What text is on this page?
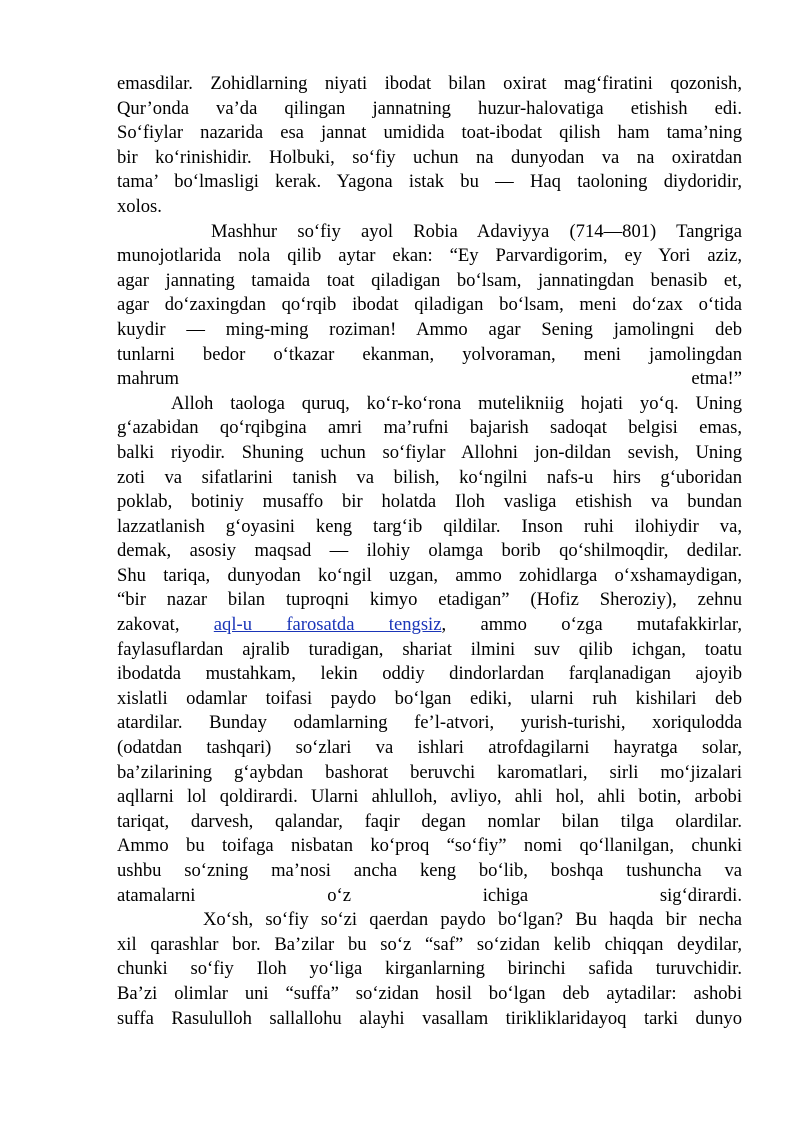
emasdilar. Zohidlarning niyati ibodat bilan oxirat mag‘firatini qozonish,
Qur’onda va’da qilingan jannatning huzur-halovatiga etishish edi.
So‘fiylar nazarida esa jannat umidida toat-ibodat qilish ham tama’ning
bir ko‘rinishidir. Holbuki, so‘fiy uchun na dunyodan va na oxiratdan
tama’ bo‘lmasligi kerak. Yagona istak bu — Haq taoloning diydoridir,
xolos.
Mashhur so‘fiy ayol Robia Adaviyya (714—801) Tangriga
munojotlarida nola qilib aytar ekan: “Ey Parvardigorim, ey Yori aziz,
agar jannating tamaida toat qiladigan bo‘lsam, jannatingdan benasib et,
agar do‘zaxingdan qo‘rqib ibodat qiladigan bo‘lsam, meni do‘zax o‘tida
kuydir — ming-ming roziman! Ammo agar Sening jamolingni deb
tunlarni bedor o‘tkazar ekanman, yolvoraman, meni jamolingdan
mahrum etma!”
Alloh taologa quruq, ko‘r-ko‘rona mutelikniig hojati yo‘q. Uning
g‘azabidan qo‘rqibgina amri ma’rufni bajarish sadoqat belgisi emas,
balki riyodir. Shuning uchun so‘fiylar Allohni jon-dildan sevish, Uning
zoti va sifatlarini tanish va bilish, ko‘ngilni nafs-u hirs g‘uboridan
poklab, botiniy musaffo bir holatda Iloh vasliga etishish va bundan
lazzatlanish g‘oyasini keng targ‘ib qildilar. Inson ruhi ilohiydir va,
demak, asosiy maqsad — ilohiy olamga borib qo‘shilmoqdir, dedilar.
Shu tariqa, dunyodan ko‘ngil uzgan, ammo zohidlarga o‘xshamaydigan,
“bir nazar bilan tuproqni kimyo etadigan” (Hofiz Sheroziy), zehnu
zakovat, aql-u farosatda tengsiz, ammo o‘zga mutafakkirlar,
faylasuflardan ajralib turadigan, shariat ilmini suv qilib ichgan, toatu
ibodatda mustahkam, lekin oddiy dindorlardan farqlanadigan ajoyib
xislatli odamlar toifasi paydo bo‘lgan ediki, ularni ruh kishilari deb
atardilar. Bunday odamlarning fe’l-atvori, yurish-turishi, xoriqulodda
(odatdan tashqari) so‘zlari va ishlari atrofdagilarni hayratga solar,
ba’zilarining g‘aybdan bashorat beruvchi karomatlari, sirli mo‘jizalari
aqllarni lol qoldirardi. Ularni ahlulloh, avliyo, ahli hol, ahli botin, arbobi
tariqat, darvesh, qalandar, faqir degan nomlar bilan tilga olardilar.
Ammo bu toifaga nisbatan ko‘proq “so‘fiy” nomi qo‘llanilgan, chunki
ushbu so‘zning ma’nosi ancha keng bo‘lib, boshqa tushuncha va
atamalarni o‘z ichiga sig‘dirardi.
Xo‘sh, so‘fiy so‘zi qaerdan paydo bo‘lgan? Bu haqda bir necha
xil qarashlar bor. Ba’zilar bu so‘z “saf” so‘zidan kelib chiqqan deydilar,
chunki so‘fiy Iloh yo‘liga kirganlarning birinchi safida turuvchidir.
Ba’zi olimlar uni “suffa” so‘zidan hosil bo‘lgan deb aytadilar: ashobi
suffa Rasululloh sallallohu alayhi vasallam tirikliklaridayoq tarki dunyo
